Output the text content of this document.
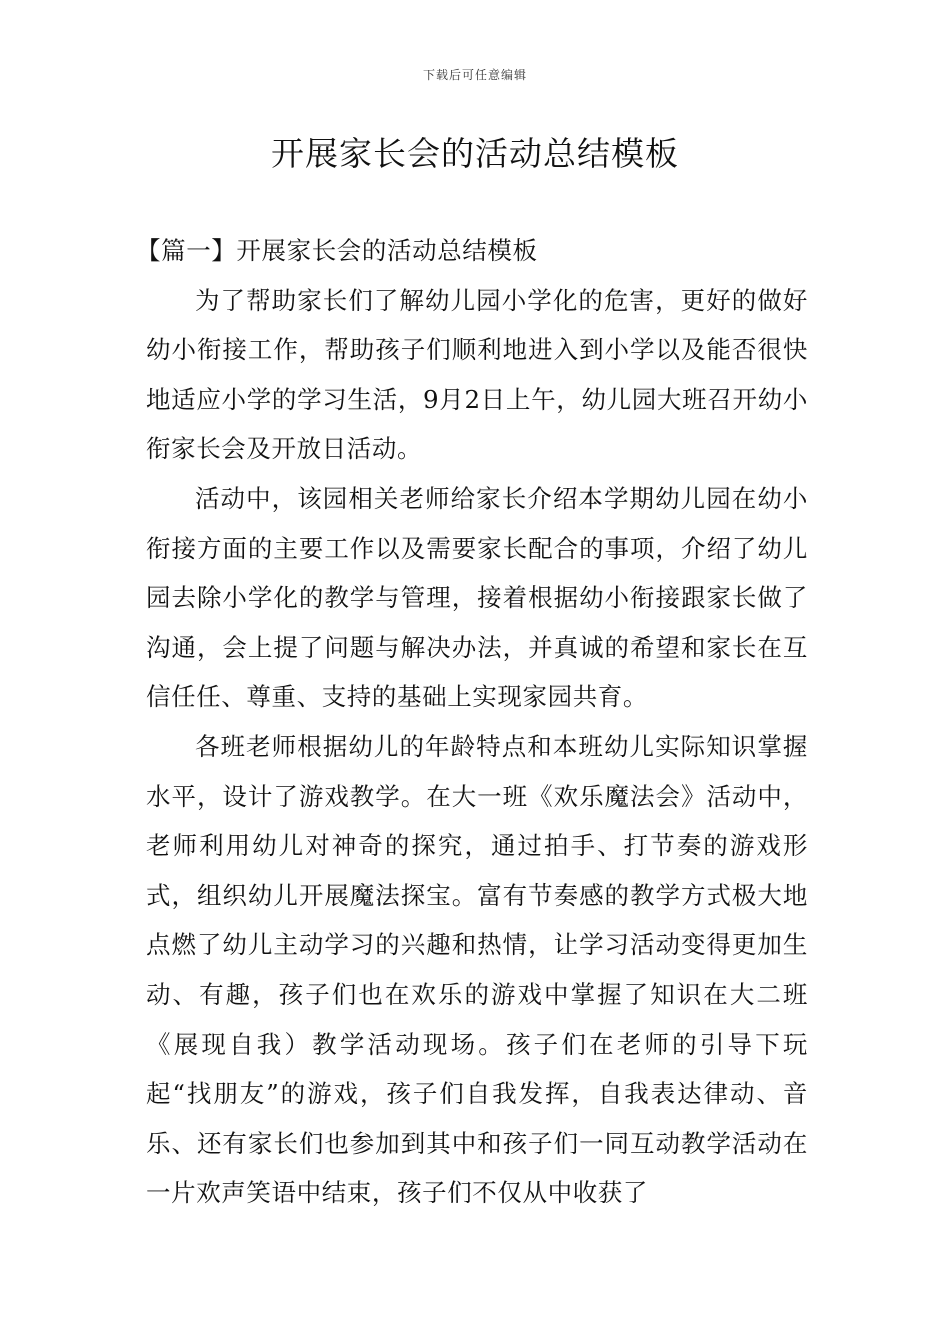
下载后可任意编辑
开展家长会的活动总结模板

【篇一】开展家长会的活动总结模板

为了帮助家长们了解幼儿园小学化的危害，更好的做好幼小衔接工作，帮助孩子们顺利地进入到小学以及能否很快地适应小学的学习生活，9月2日上午，幼儿园大班召开幼小衔家长会及开放日活动。

活动中，该园相关老师给家长介绍本学期幼儿园在幼小衔接方面的主要工作以及需要家长配合的事项，介绍了幼儿园去除小学化的教学与管理，接着根据幼小衔接跟家长做了沟通，会上提了问题与解决办法，并真诚的希望和家长在互信任任、尊重、支持的基础上实现家园共育。

各班老师根据幼儿的年龄特点和本班幼儿实际知识掌握水平，设计了游戏教学。在大一班《欢乐魔法会》活动中，老师利用幼儿对神奇的探究，通过拍手、打节奏的游戏形式，组织幼儿开展魔法探宝。富有节奏感的教学方式极大地点燃了幼儿主动学习的兴趣和热情，让学习活动变得更加生动、有趣，孩子们也在欢乐的游戏中掌握了知识在大二班《展现自我）教学活动现场。孩子们在老师的引导下玩起“找朋友”的游戏，孩子们自我发挥，自我表达律动、音乐、还有家长们也参加到其中和孩子们一同互动教学活动在一片欢声笑语中结束，孩子们不仅从中收获了
